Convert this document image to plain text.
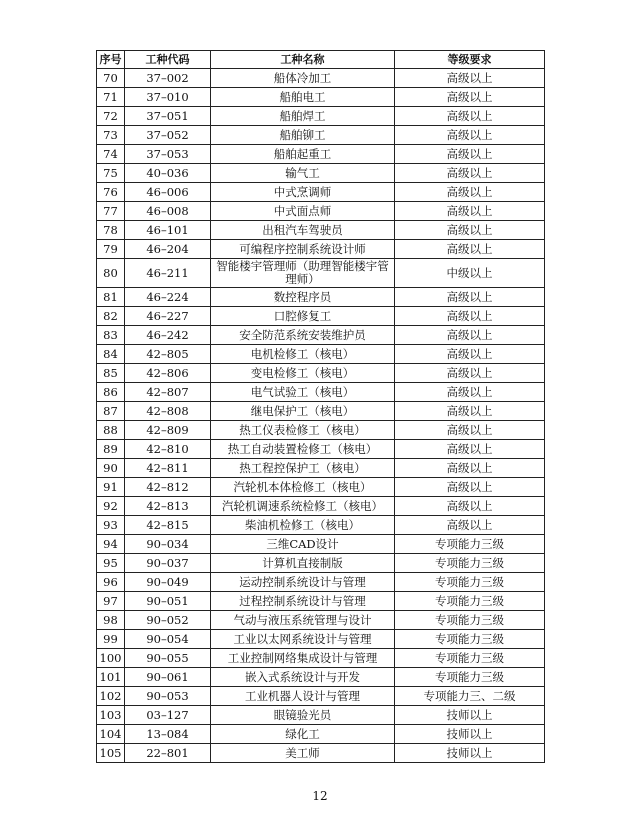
序号	工种代码	工种名称	等级要求
70	37–002	船体冷加工	高级以上
71	37–010	船舶电工	高级以上
72	37–051	船舶焊工	高级以上
73	37–052	船舶铆工	高级以上
74	37–053	船舶起重工	高级以上
75	40–036	输气工	高级以上
76	46–006	中式烹调师	高级以上
77	46–008	中式面点师	高级以上
78	46–101	出租汽车驾驶员	高级以上
79	46–204	可编程序控制系统设计师	高级以上
80	46–211	智能楼宇管理师（助理智能楼宇管理师）	中级以上
81	46–224	数控程序员	高级以上
82	46–227	口腔修复工	高级以上
83	46–242	安全防范系统安装维护员	高级以上
84	42–805	电机检修工（核电）	高级以上
85	42–806	变电检修工（核电）	高级以上
86	42–807	电气试验工（核电）	高级以上
87	42–808	继电保护工（核电）	高级以上
88	42–809	热工仪表检修工（核电）	高级以上
89	42–810	热工自动装置检修工（核电）	高级以上
90	42–811	热工程控保护工（核电）	高级以上
91	42–812	汽轮机本体检修工（核电）	高级以上
92	42–813	汽轮机调速系统检修工（核电）	高级以上
93	42–815	柴油机检修工（核电）	高级以上
94	90–034	三维CAD设计	专项能力三级
95	90–037	计算机直接制版	专项能力三级
96	90–049	运动控制系统设计与管理	专项能力三级
97	90–051	过程控制系统设计与管理	专项能力三级
98	90–052	气动与液压系统管理与设计	专项能力三级
99	90–054	工业以太网系统设计与管理	专项能力三级
100	90–055	工业控制网络集成设计与管理	专项能力三级
101	90–061	嵌入式系统设计与开发	专项能力三级
102	90–053	工业机器人设计与管理	专项能力三、二级
103	03–127	眼镜验光员	技师以上
104	13–084	绿化工	技师以上
105	22–801	美工师	技师以上
12
